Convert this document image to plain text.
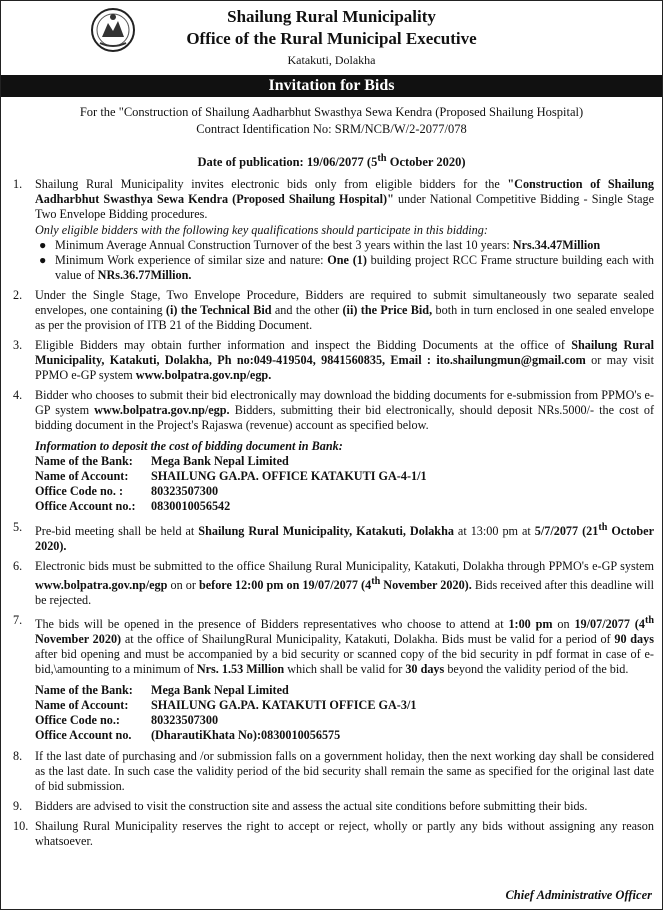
Shailung Rural Municipality
Office of the Rural Municipal Executive
Katakuti, Dolakha
Invitation for Bids
For the "Construction of Shailung Aadharbhut Swasthya Sewa Kendra (Proposed Shailung Hospital)
Contract Identification No: SRM/NCB/W/2-2077/078
Date of publication: 19/06/2077 (5th October 2020)
1.	Shailung Rural Municipality invites electronic bids only from eligible bidders for the "Construction of Shailung Aadharbhut Swasthya Sewa Kendra (Proposed Shailung Hospital)" under National Competitive Bidding - Single Stage Two Envelope Bidding procedures.
Only eligible bidders with the following key qualifications should participate in this bidding:
● Minimum Average Annual Construction Turnover of the best 3 years within the last 10 years: Nrs.34.47Million
● Minimum Work experience of similar size and nature: One (1) building project RCC Frame structure building each with value of NRs.36.77Million.
2.	Under the Single Stage, Two Envelope Procedure, Bidders are required to submit simultaneously two separate sealed envelopes, one containing (i) the Technical Bid and the other (ii) the Price Bid, both in turn enclosed in one sealed envelope as per the provision of ITB 21 of the Bidding Document.
3.	Eligible Bidders may obtain further information and inspect the Bidding Documents at the office of Shailung Rural Municipality, Katakuti, Dolakha, Ph no:049-419504, 9841560835, Email : ito.shailungmun@gmail.com or may visit PPMO e-GP system www.bolpatra.gov.np/egp.
4.	Bidder who chooses to submit their bid electronically may download the bidding documents for e-submission from PPMO's e-GP system www.bolpatra.gov.np/egp. Bidders, submitting their bid electronically, should deposit NRs.5000/- the cost of bidding document in the Project's Rajaswa (revenue) account as specified below.
Information to deposit the cost of bidding document in Bank:
Name of the Bank:	Mega Bank Nepal Limited
Name of Account:	SHAILUNG GA.PA. OFFICE KATAKUTI GA-4-1/1
Office Code no. :	80323507300
Office Account no.:	0830010056542
5.	Pre-bid meeting shall be held at Shailung Rural Municipality, Katakuti, Dolakha at 13:00 pm at 5/7/2077 (21th October 2020).
6.	Electronic bids must be submitted to the office Shailung Rural Municipality, Katakuti, Dolakha through PPMO's e-GP system www.bolpatra.gov.np/egp on or before 12:00 pm on 19/07/2077 (4th November 2020). Bids received after this deadline will be rejected.
7.	The bids will be opened in the presence of Bidders representatives who choose to attend at 1:00 pm on 19/07/2077 (4th November 2020) at the office of ShailungRural Municipality, Katakuti, Dolakha. Bids must be valid for a period of 90 days after bid opening and must be accompanied by a bid security or scanned copy of the bid security in pdf format in case of e-bid,\amounting to a minimum of Nrs. 1.53 Million which shall be valid for 30 days beyond the validity period of the bid.
Name of the Bank:	Mega Bank Nepal Limited
Name of Account:	SHAILUNG GA.PA. KATAKUTI OFFICE GA-3/1
Office Code no.:	80323507300
Office Account no.	(DharautiKhata No):0830010056575
8.	If the last date of purchasing and /or submission falls on a government holiday, then the next working day shall be considered as the last date. In such case the validity period of the bid security shall remain the same as specified for the original last date of bid submission.
9.	Bidders are advised to visit the construction site and assess the actual site conditions before submitting their bids.
10. Shailung Rural Municipality reserves the right to accept or reject, wholly or partly any bids without assigning any reason whatsoever.
Chief Administrative Officer
